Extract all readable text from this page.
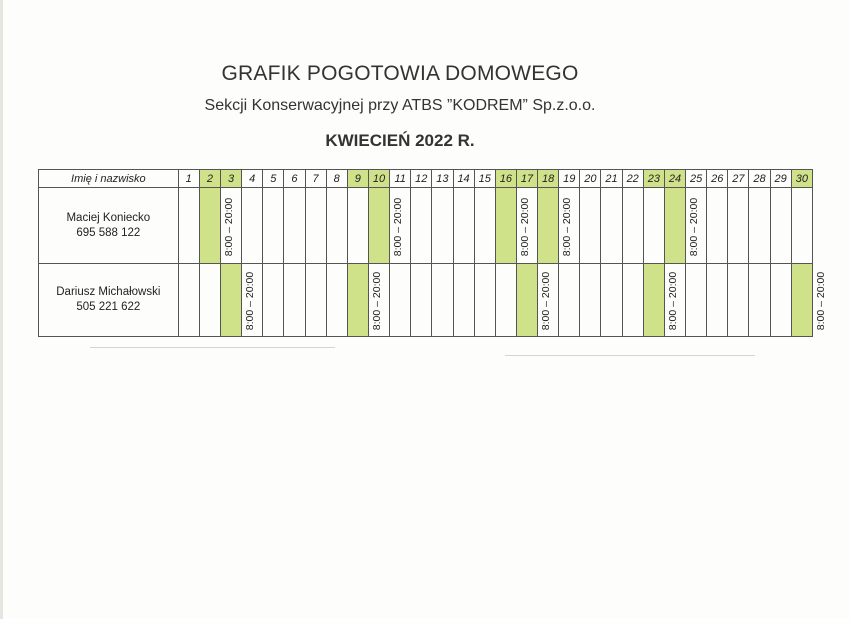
GRAFIK POGOTOWIA DOMOWEGO
Sekcji Konserwacyjnej przy ATBS ”KODREM” Sp.z.o.o.
KWIECIEŃ 2022 R.
Imię i nazwisko	1	2	3	4	5	6	7	8	9	10	11	12	13	14	15	16	17	18	19	20	21	22	23	24	25	26	27	28	29	30

Maciej Koniecko
695 588 122		8:00 – 20:00								8:00 – 20:00						8:00 – 20:00		8:00 – 20:00						8:00 – 20:00						

Dariusz Michałowski
505 221 622			8:00 – 20:00						8:00 – 20:00								8:00 – 20:00						8:00 – 20:00							8:00 – 20:00
